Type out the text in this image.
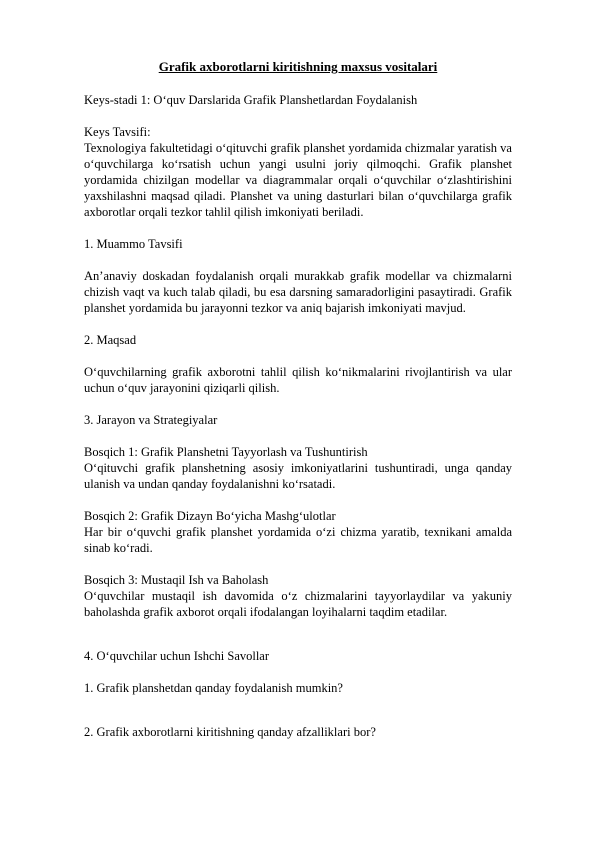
Grafik axborotlarni kiritishning maxsus vositalari

Keys-stadi 1: O‘quv Darslarida Grafik Planshetlardan Foydalanish

Keys Tavsifi:
Texnologiya fakultetidagi o‘qituvchi grafik planshet yordamida chizmalar yaratish va o‘quvchilarga ko‘rsatish uchun yangi usulni joriy qilmoqchi. Grafik planshet yordamida chizilgan modellar va diagrammalar orqali o‘quvchilar o‘zlashtirishini yaxshilashni maqsad qiladi. Planshet va uning dasturlari bilan o‘quvchilarga grafik axborotlar orqali tezkor tahlil qilish imkoniyati beriladi.

1. Muammo Tavsifi

An’anaviy doskadan foydalanish orqali murakkab grafik modellar va chizmalarni chizish vaqt va kuch talab qiladi, bu esa darsning samaradorligini pasaytiradi. Grafik planshet yordamida bu jarayonni tezkor va aniq bajarish imkoniyati mavjud.

2. Maqsad

O‘quvchilarning grafik axborotni tahlil qilish ko‘nikmalarini rivojlantirish va ular uchun o‘quv jarayonini qiziqarli qilish.

3. Jarayon va Strategiyalar

Bosqich 1: Grafik Planshetni Tayyorlash va Tushuntirish
O‘qituvchi grafik planshetning asosiy imkoniyatlarini tushuntiradi, unga qanday ulanish va undan qanday foydalanishni ko‘rsatadi.

Bosqich 2: Grafik Dizayn Bo‘yicha Mashg‘ulotlar
Har bir o‘quvchi grafik planshet yordamida o‘zi chizma yaratib, texnikani amalda sinab ko‘radi.

Bosqich 3: Mustaqil Ish va Baholash
O‘quvchilar mustaqil ish davomida o‘z chizmalarini tayyorlaydilar va yakuniy baholashda grafik axborot orqali ifodalangan loyihalarni taqdim etadilar.

4. O‘quvchilar uchun Ishchi Savollar

1. Grafik planshetdan qanday foydalanish mumkin?

2. Grafik axborotlarni kiritishning qanday afzalliklari bor?
